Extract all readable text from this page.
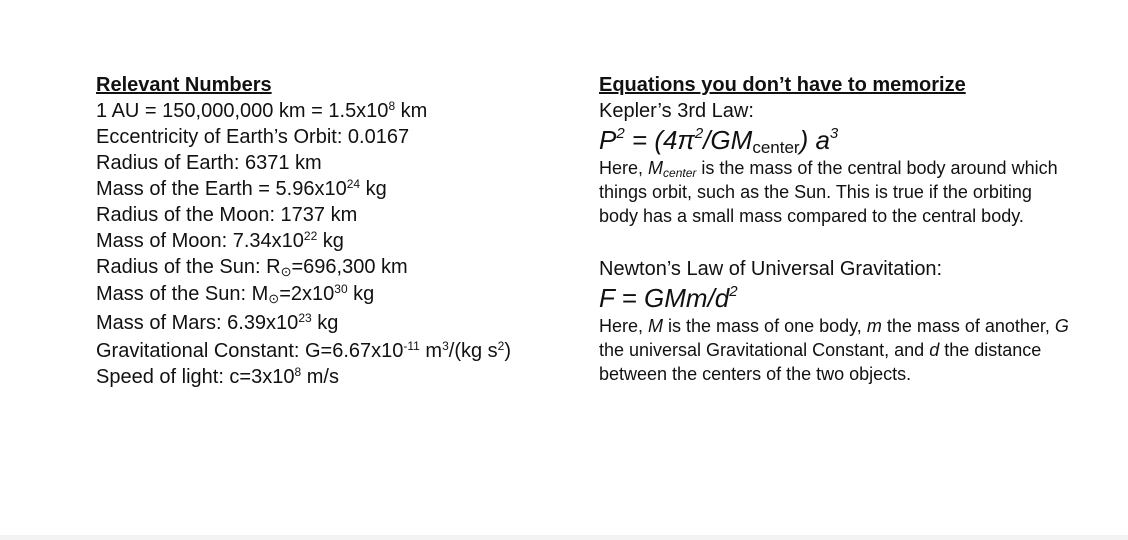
Relevant Numbers
1 AU = 150,000,000 km = $1.5x10^8$ km
Eccentricity of Earth’s Orbit: 0.0167
Radius of Earth: 6371 km
Mass of the Earth = $5.96x10^{24}$ kg
Radius of the Moon: 1737 km
Mass of Moon: $7.34x10^{22}$ kg
Radius of the Sun: R⊙=696,300 km
Mass of the Sun: $M⊙=2x10^{30}$ kg
Mass of Mars: $6.39x10^{23}$ kg
Gravitational Constant: $G=6.67x10^{-11}$ $m^3/(kg$ $s^2$)
Speed of light: $c=3x10^8$ m/s
Equations you don’t have to memorize
Kepler’s 3rd Law:
$P^2$ = $(4\pi^2/GMcenter)$ $a^3$
Here, $M_{center}$ is the mass of the central body around which things orbit, such as the Sun. This is true if the orbiting body has a small mass compared to the central body.
Newton’s Law of Universal Gravitation:
F = GMm/$d^2$
Here, M is the mass of one body, m the mass of another, G the universal Gravitational Constant, and d the distance between the centers of the two objects.
